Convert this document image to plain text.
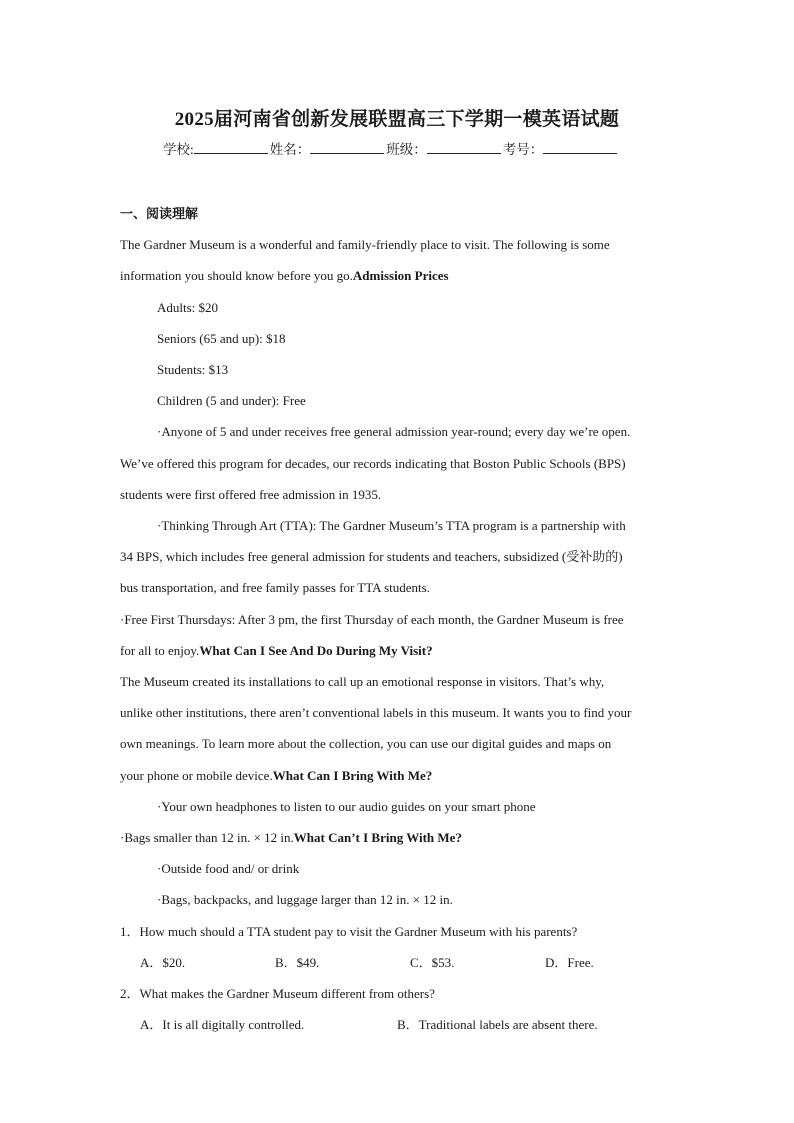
2025届河南省创新发展联盟高三下学期一模英语试题
学校:	姓名：	班级：	考号：

一、阅读理解

The Gardner Museum is a wonderful and family-friendly place to visit. The following is some

information you should know before you go.Admission Prices

Adults: $20

Seniors (65 and up): $18

Students: $13

Children (5 and under): Free

·Anyone of 5 and under receives free general admission year-round; every day we’re open.

We’ve offered this program for decades, our records indicating that Boston Public Schools (BPS)

students were first offered free admission in 1935.

·Thinking Through Art (TTA): The Gardner Museum’s TTA program is a partnership with

34 BPS, which includes free general admission for students and teachers, subsidized (受补助的)

bus transportation, and free family passes for TTA students.

·Free First Thursdays: After 3 pm, the first Thursday of each month, the Gardner Museum is free

for all to enjoy.What Can I See And Do During My Visit?

The Museum created its installations to call up an emotional response in visitors. That’s why,

unlike other institutions, there aren’t conventional labels in this museum. It wants you to find your

own meanings. To learn more about the collection, you can use our digital guides and maps on

your phone or mobile device.What Can I Bring With Me?

·Your own headphones to listen to our audio guides on your smart phone

·Bags smaller than 12 in. × 12 in.What Can’t I Bring With Me?

·Outside food and/ or drink

·Bags, backpacks, and luggage larger than 12 in. × 12 in.

1．How much should a TTA student pay to visit the Gardner Museum with his parents?

A．$20.	B．$49.	C．$53.	D．Free.

2．What makes the Gardner Museum different from others?

A．It is all digitally controlled.	B．Traditional labels are absent there.
